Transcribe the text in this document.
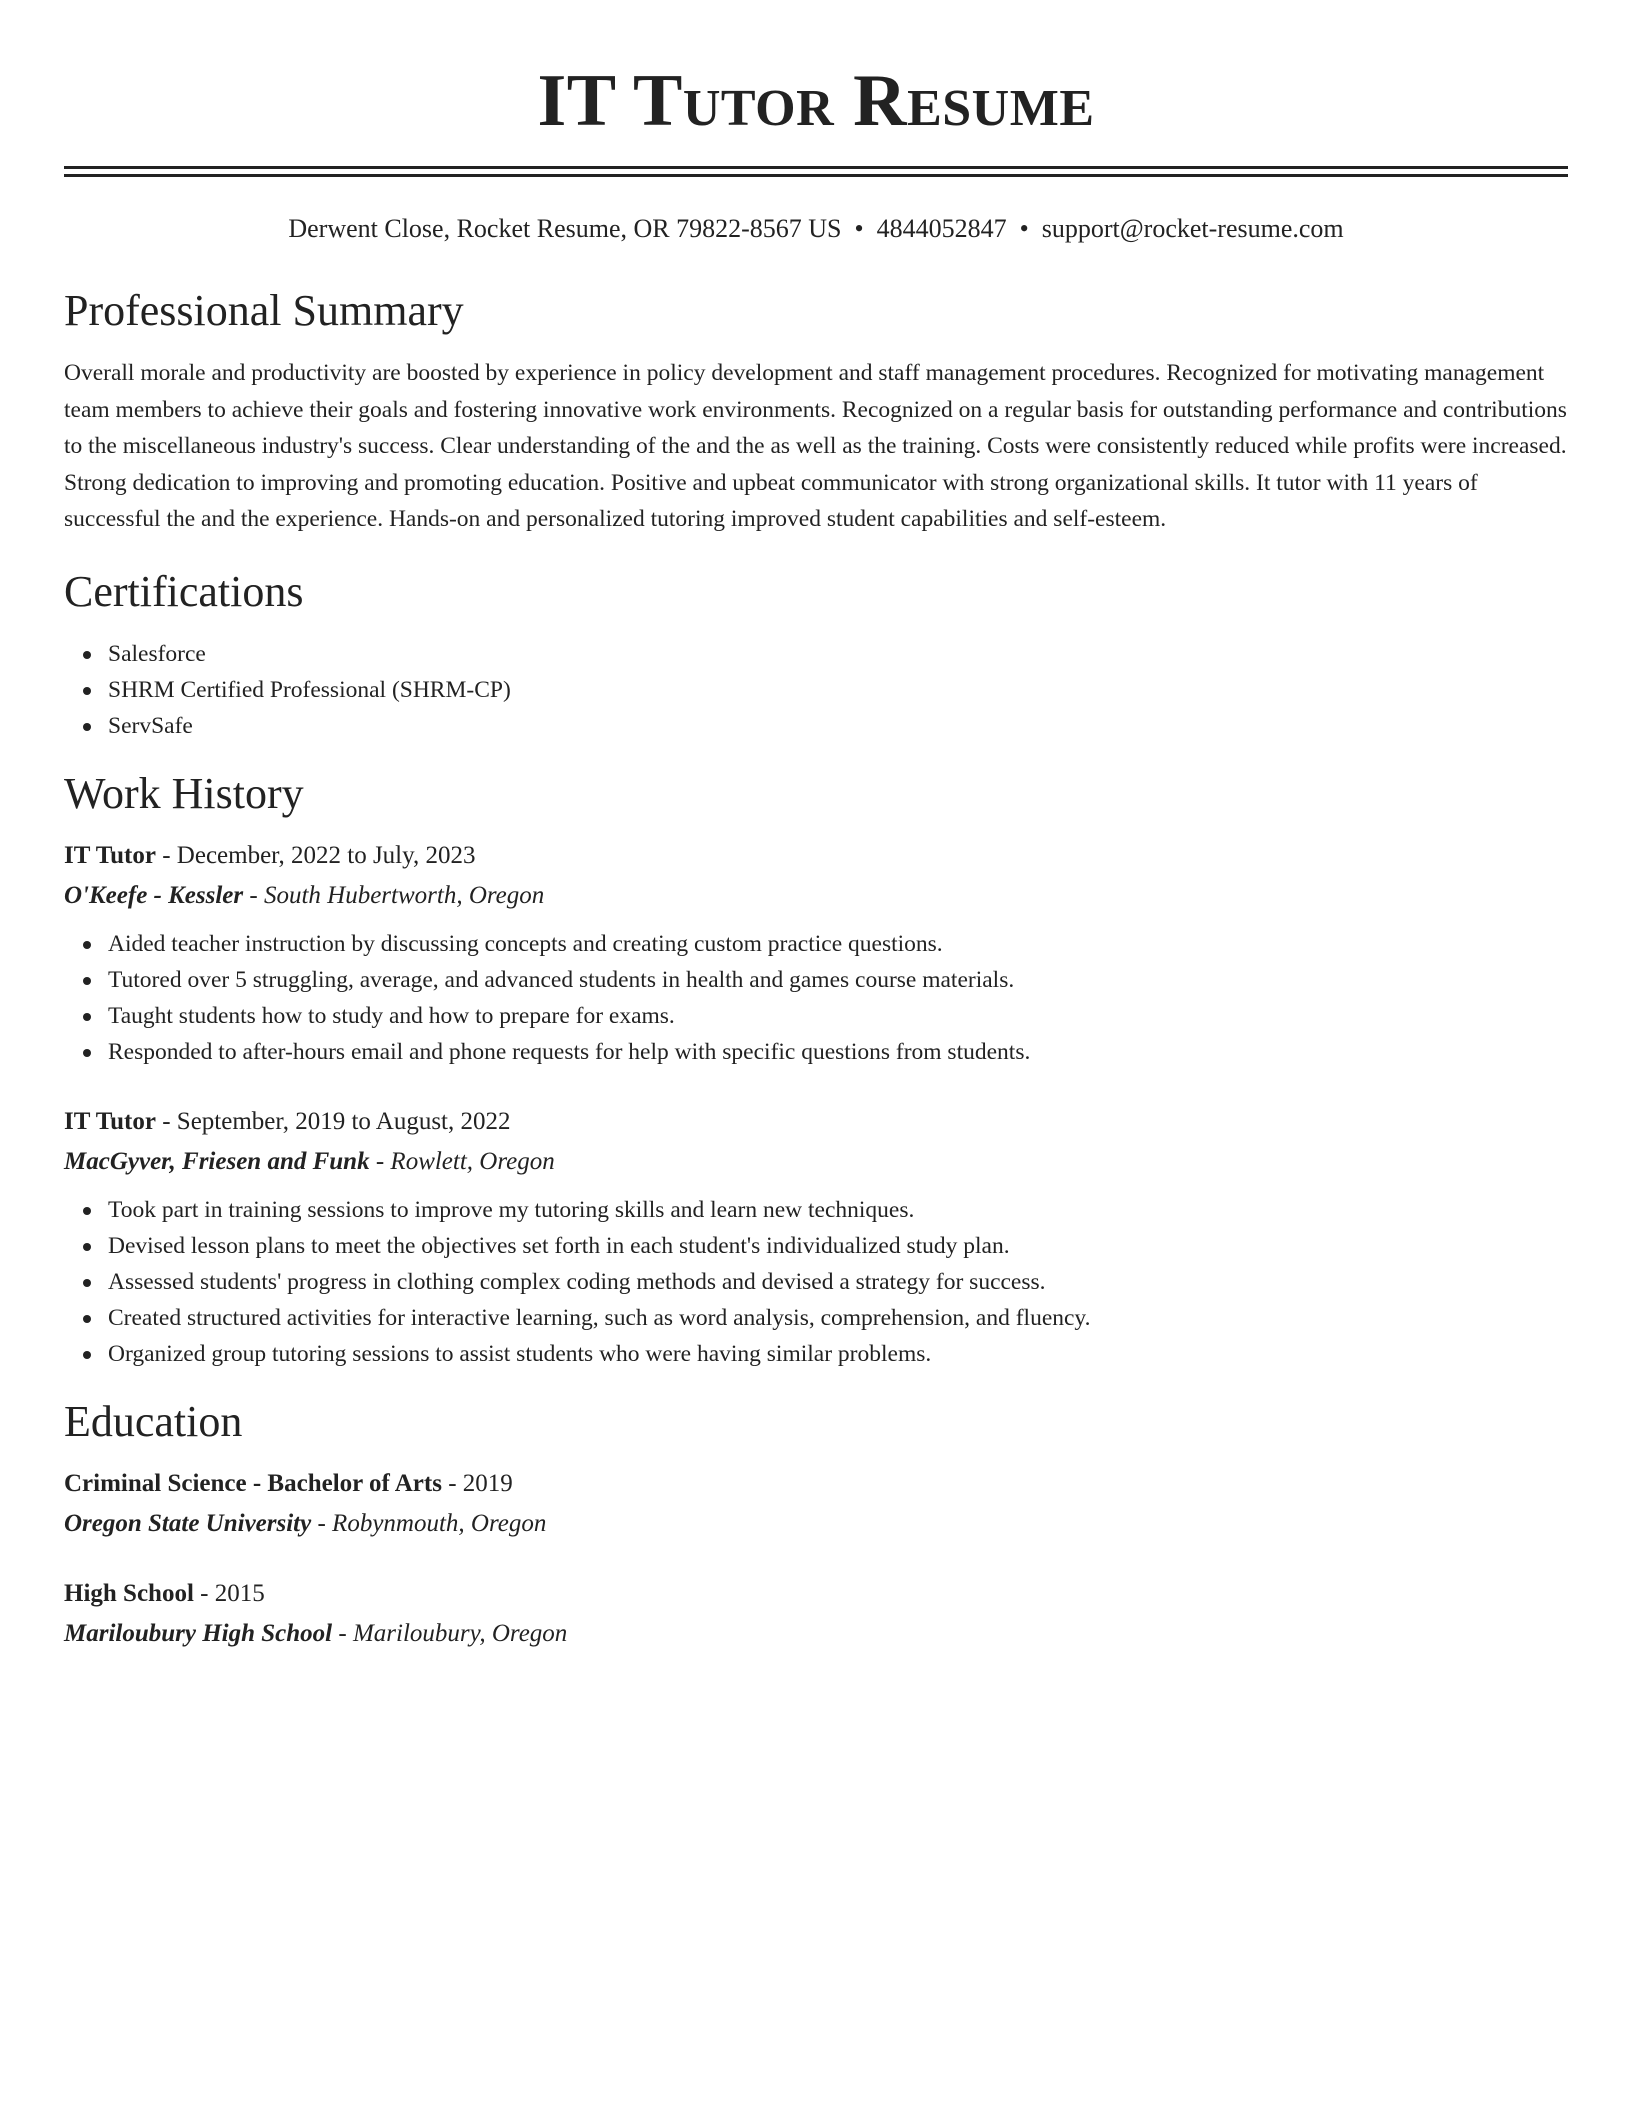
IT Tutor Resume
Derwent Close, Rocket Resume, OR 79822-8567 US • 4844052847 • support@rocket-resume.com
Professional Summary

Overall morale and productivity are boosted by experience in policy development and staff management procedures. Recognized for motivating management team members to achieve their goals and fostering innovative work environments. Recognized on a regular basis for outstanding performance and contributions to the miscellaneous industry's success. Clear understanding of the and the as well as the training. Costs were consistently reduced while profits were increased. Strong dedication to improving and promoting education. Positive and upbeat communicator with strong organizational skills. It tutor with 11 years of successful the and the experience. Hands-on and personalized tutoring improved student capabilities and self-esteem.

Certifications
Salesforce
SHRM Certified Professional (SHRM-CP)
ServSafe
Work History
IT Tutor - December, 2022 to July, 2023
O'Keefe - Kessler - South Hubertworth, Oregon
Aided teacher instruction by discussing concepts and creating custom practice questions.
Tutored over 5 struggling, average, and advanced students in health and games course materials.
Taught students how to study and how to prepare for exams.
Responded to after-hours email and phone requests for help with specific questions from students.
IT Tutor - September, 2019 to August, 2022
MacGyver, Friesen and Funk - Rowlett, Oregon
Took part in training sessions to improve my tutoring skills and learn new techniques.
Devised lesson plans to meet the objectives set forth in each student's individualized study plan.
Assessed students' progress in clothing complex coding methods and devised a strategy for success.
Created structured activities for interactive learning, such as word analysis, comprehension, and fluency.
Organized group tutoring sessions to assist students who were having similar problems.
Education
Criminal Science - Bachelor of Arts - 2019
Oregon State University - Robynmouth, Oregon
High School - 2015
Mariloubury High School - Mariloubury, Oregon
